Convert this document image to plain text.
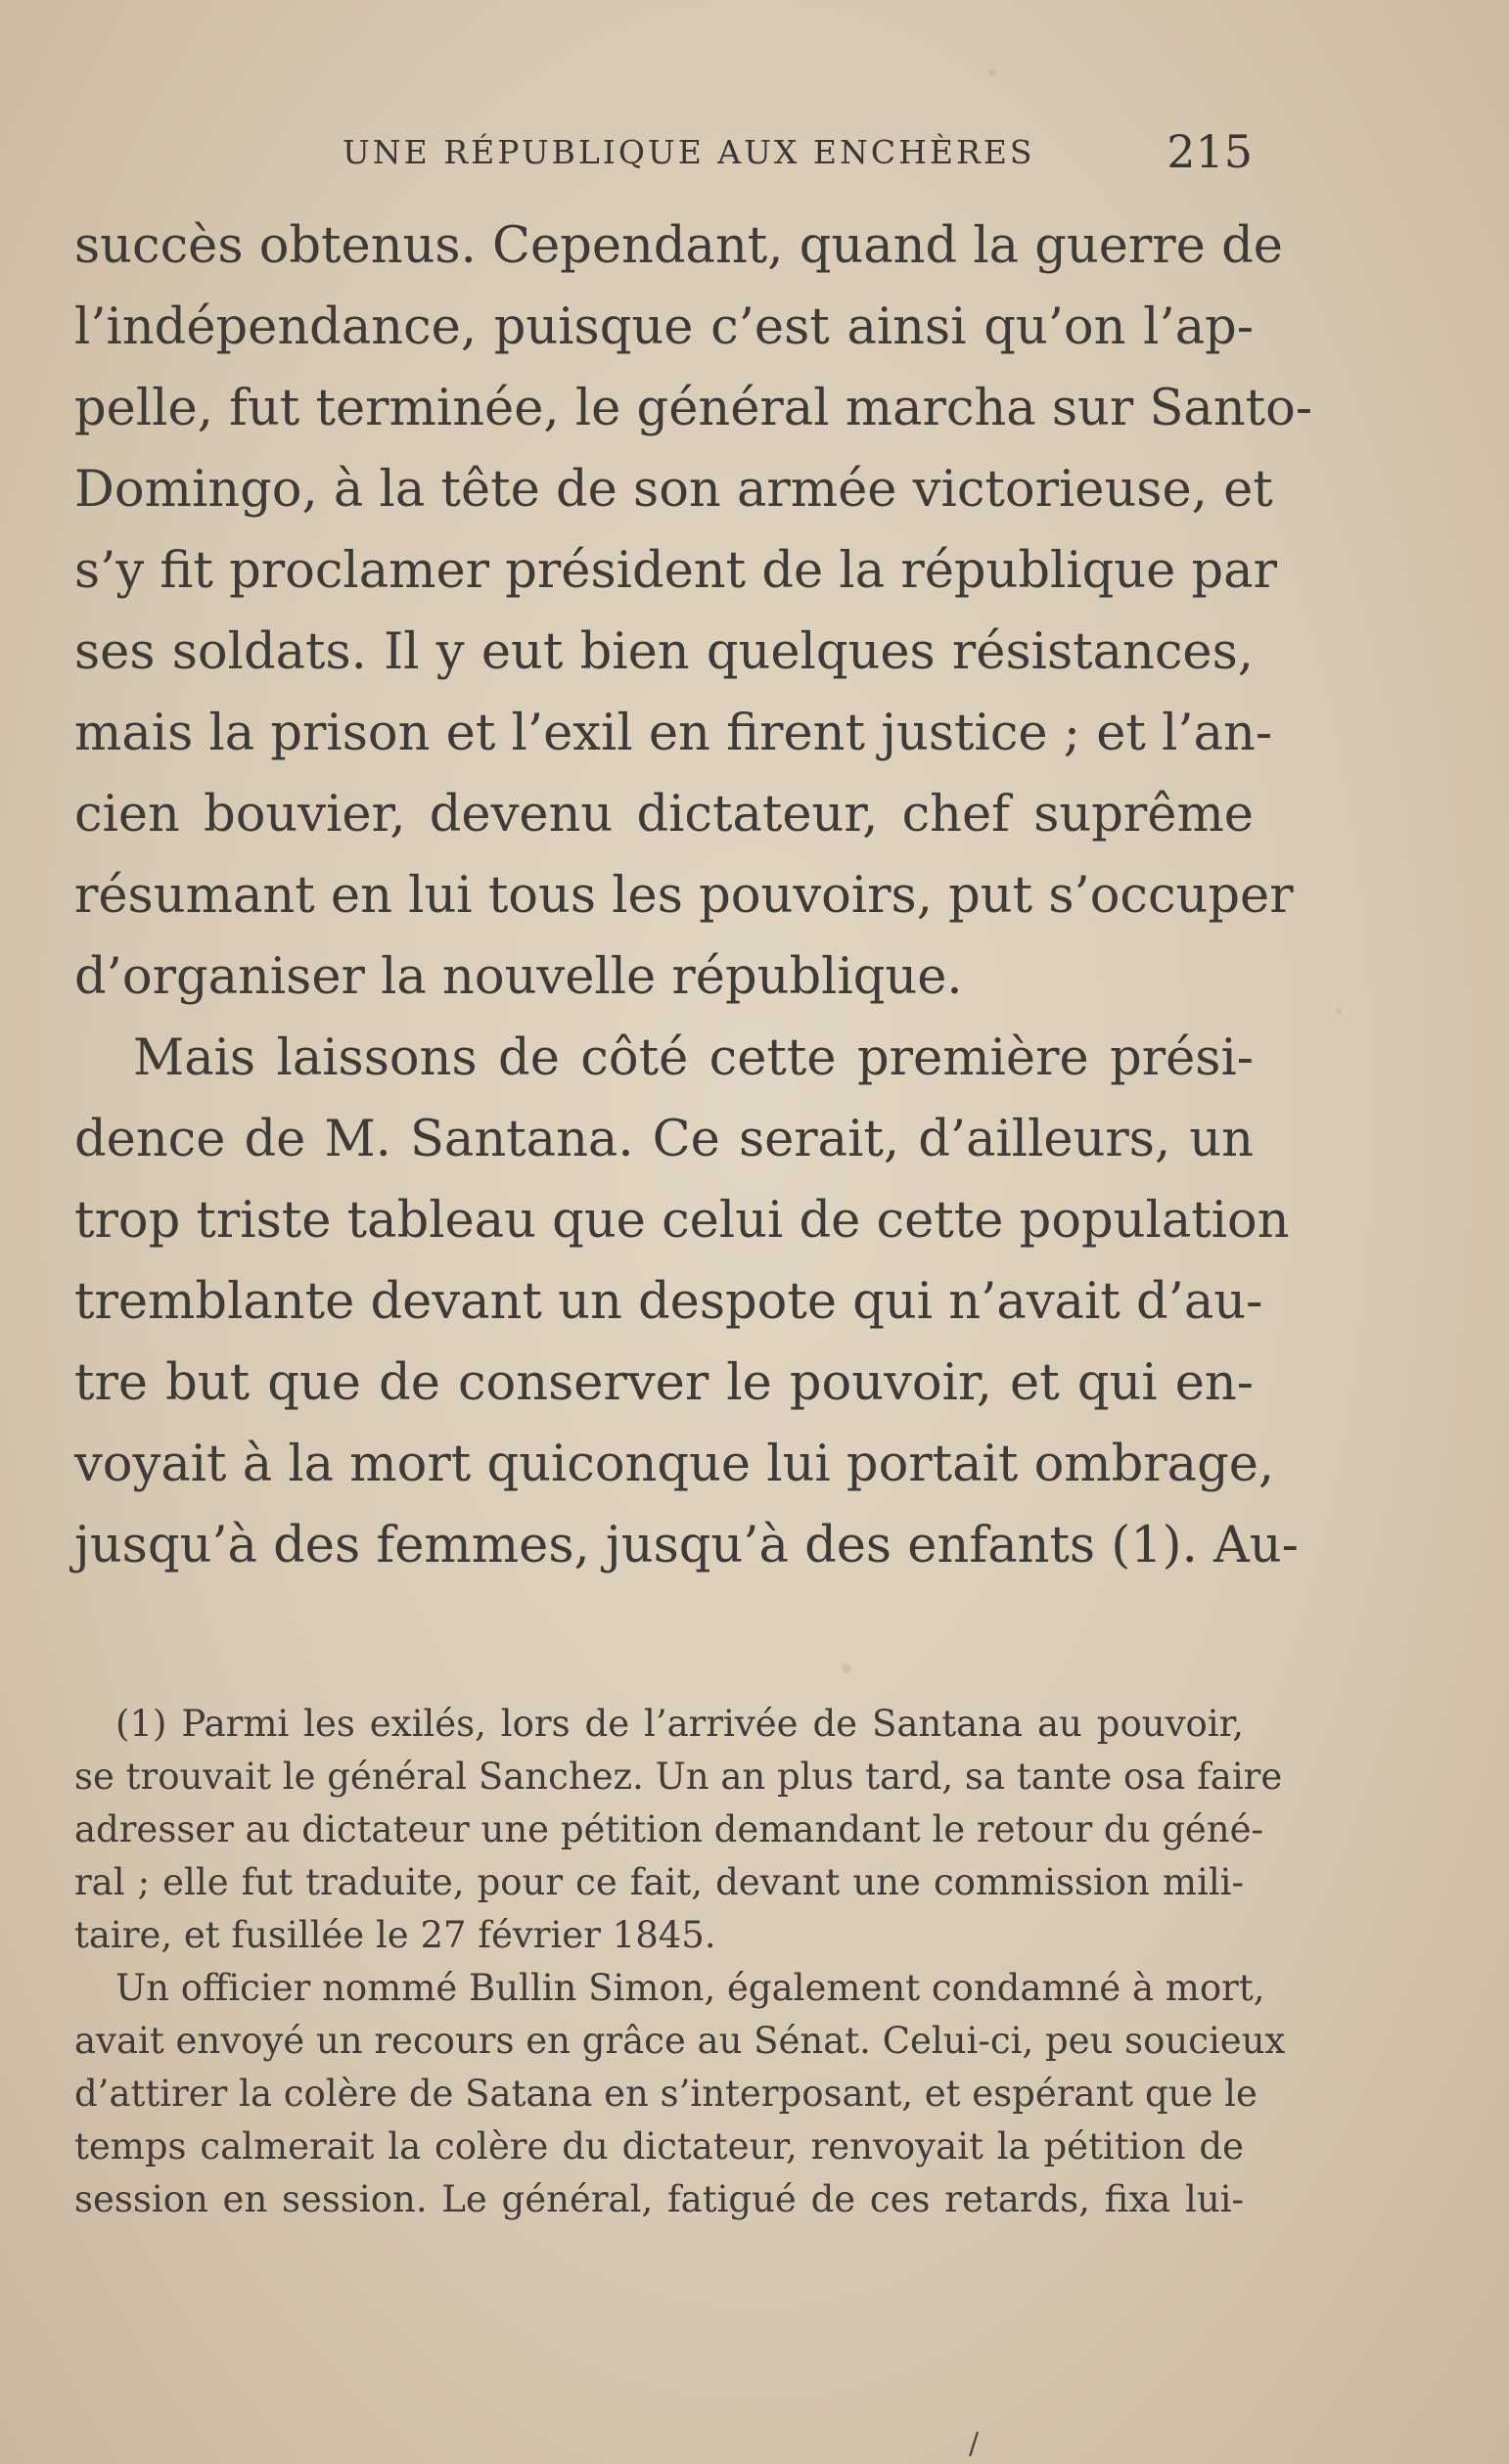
UNE RÉPUBLIQUE AUX ENCHÈRES	215
succès obtenus. Cependant, quand la guerre de
l’indépendance, puisque c’est ainsi qu’on l’ap-
pelle, fut terminée, le général marcha sur Santo-
Domingo, à la tête de son armée victorieuse, et
s’y fit proclamer président de la république par
ses soldats. Il y eut bien quelques résistances,
mais la prison et l’exil en firent justice ; et l’an-
cien bouvier, devenu dictateur, chef suprême
résumant en lui tous les pouvoirs, put s’occuper
d’organiser la nouvelle république.
Mais laissons de côté cette première prési-
dence de M. Santana. Ce serait, d’ailleurs, un
trop triste tableau que celui de cette population
tremblante devant un despote qui n’avait d’au-
tre but que de conserver le pouvoir, et qui en-
voyait à la mort quiconque lui portait ombrage,
jusqu’à des femmes, jusqu’à des enfants (1). Au-
(1) Parmi les exilés, lors de l’arrivée de Santana au pouvoir,
se trouvait le général Sanchez. Un an plus tard, sa tante osa faire
adresser au dictateur une pétition demandant le retour du géné-
ral ; elle fut traduite, pour ce fait, devant une commission mili-
taire, et fusillée le 27 février 1845.
Un officier nommé Bullin Simon, également condamné à mort,
avait envoyé un recours en grâce au Sénat. Celui-ci, peu soucieux
d’attirer la colère de Satana en s’interposant, et espérant que le
temps calmerait la colère du dictateur, renvoyait la pétition de
session en session. Le général, fatigué de ces retards, fixa lui-
/
